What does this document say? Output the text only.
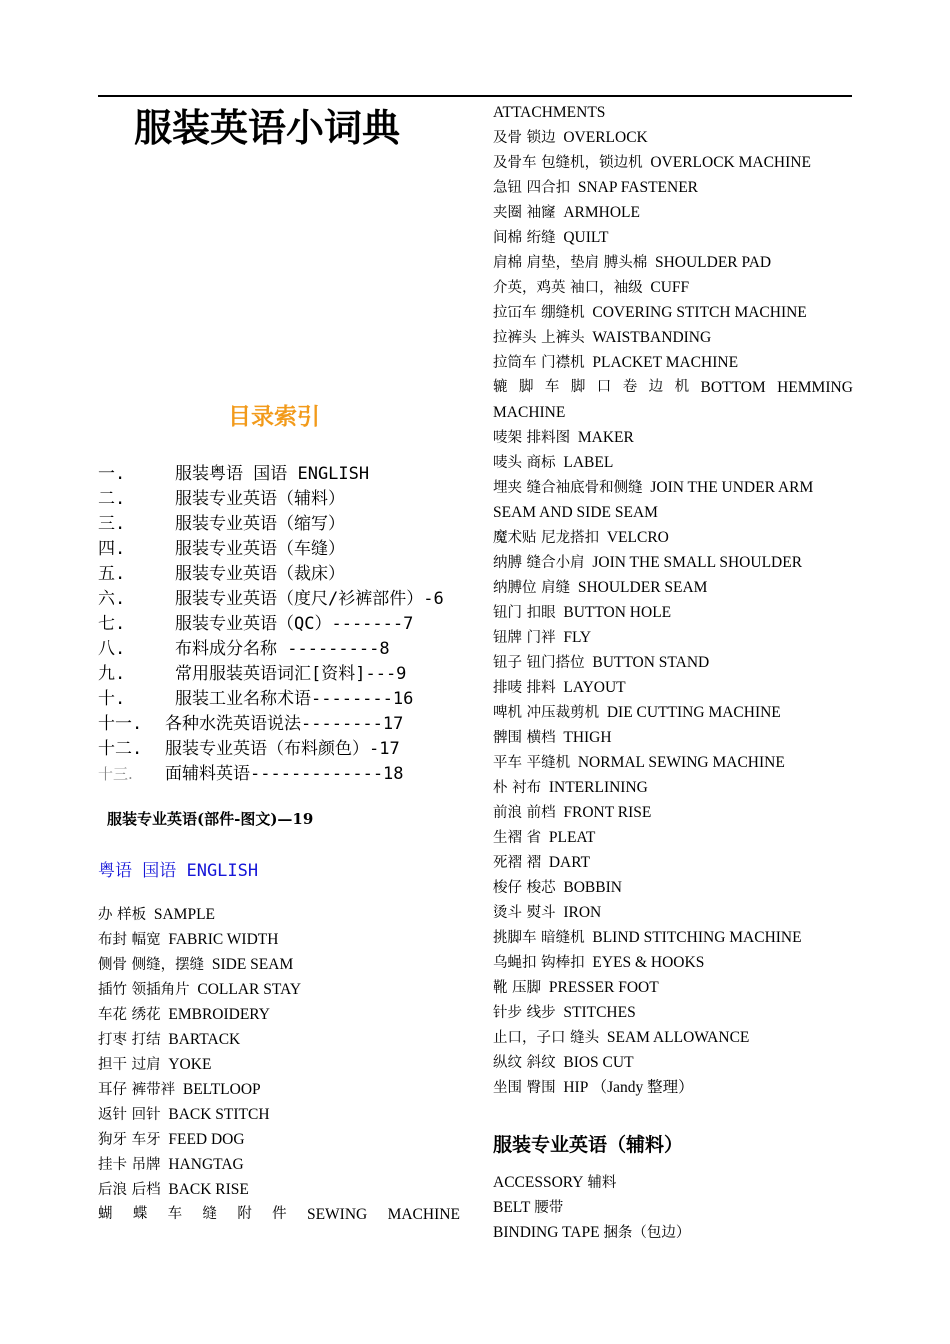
服装英语小词典
目录索引
一.	服装粤语 国语 ENGLISH
二.	服装专业英语（辅料）
三.	服装专业英语（缩写）
四.	服装专业英语（车缝）
五.	服装专业英语（裁床）
六.	服装专业英语（度尺/衫裤部件）-6
七.	服装专业英语（QC）-------7
八.	布料成分名称 ---------8
九.	常用服装英语词汇[资料]---9
十.	服装工业名称术语--------16
十一. 各种水洗英语说法--------17
十二. 服装专业英语（布料颜色）-17
十三. 面辅料英语-------------18

服装专业英语(部件-图文)—19

粤语 国语 ENGLISH

办 样板 SAMPLE
布封 幅宽 FABRIC WIDTH
侧骨 侧缝，摆缝 SIDE SEAM
插竹 领插角片 COLLAR STAY
车花 绣花 EMBROIDERY
打枣 打结 BARTACK
担干 过肩 YOKE
耳仔 裤带袢 BELTLOOP
返针 回针 BACK STITCH
狗牙 车牙 FEED DOG
挂卡 吊牌 HANGTAG
后浪 后档 BACK RISE
蝴 蝶 车 缝 附 件 SEWING MACHINE
ATTACHMENTS
及骨 锁边 OVERLOCK
及骨车 包缝机，锁边机 OVERLOCK MACHINE
急钮 四合扣 SNAP FASTENER
夹圈 袖窿 ARMHOLE
间棉 绗缝 QUILT
肩棉 肩垫，垫肩 膊头棉 SHOULDER PAD
介英，鸡英 袖口，袖级 CUFF
拉冚车 绷缝机 COVERING STITCH MACHINE
拉裤头 上裤头 WAISTBANDING
拉筒车 门襟机 PLACKET MACHINE
辘 脚 车 脚 口 卷 边 机 BOTTOM HEMMING
MACHINE
唛架 排料图 MAKER
唛头 商标 LABEL
埋夹 缝合袖底骨和侧缝 JOIN THE UNDER ARM
SEAM AND SIDE SEAM
魔术贴 尼龙搭扣 VELCRO
纳膊 缝合小肩 JOIN THE SMALL SHOULDER
纳膊位 肩缝 SHOULDER SEAM
钮门 扣眼 BUTTON HOLE
钮牌 门袢 FLY
钮子 钮门搭位 BUTTON STAND
排唛 排料 LAYOUT
啤机 冲压裁剪机 DIE CUTTING MACHINE
髀围 横档 THIGH
平车 平缝机 NORMAL SEWING MACHINE
朴 衬布 INTERLINING
前浪 前档 FRONT RISE
生褶 省 PLEAT
死褶 褶 DART
梭仔 梭芯 BOBBIN
烫斗 熨斗 IRON
挑脚车 暗缝机 BLIND STITCHING MACHINE
乌蝇扣 钩棒扣 EYES & HOOKS
靴 压脚 PRESSER FOOT
针步 线步 STITCHES
止口，子口 缝头 SEAM ALLOWANCE
纵纹 斜纹 BIOS CUT
坐围 臀围 HIP （Jandy 整理）
服装专业英语（辅料）
ACCESSORY 辅料
BELT 腰带
BINDING TAPE 捆条（包边）
